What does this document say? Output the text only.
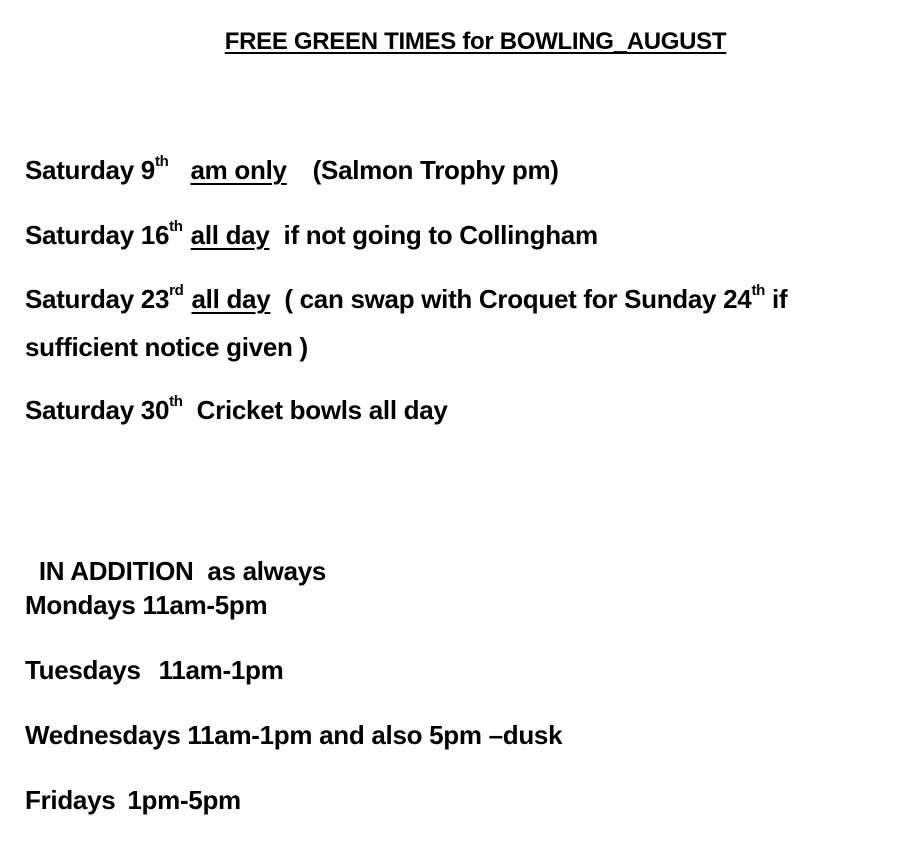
FREE GREEN TIMES for BOWLING_AUGUST
Saturday 9th am only (Salmon Trophy pm)
Saturday 16th all day if not going to Collingham
Saturday 23rd all day ( can swap with Croquet for Sunday 24th if
sufficient notice given )
Saturday 30th Cricket bowls all day

IN ADDITION  as always

Mondays 11am-5pm
Tuesdays 11am-1pm
Wednesdays 11am-1pm and also 5pm –dusk
Fridays 1pm-5pm
